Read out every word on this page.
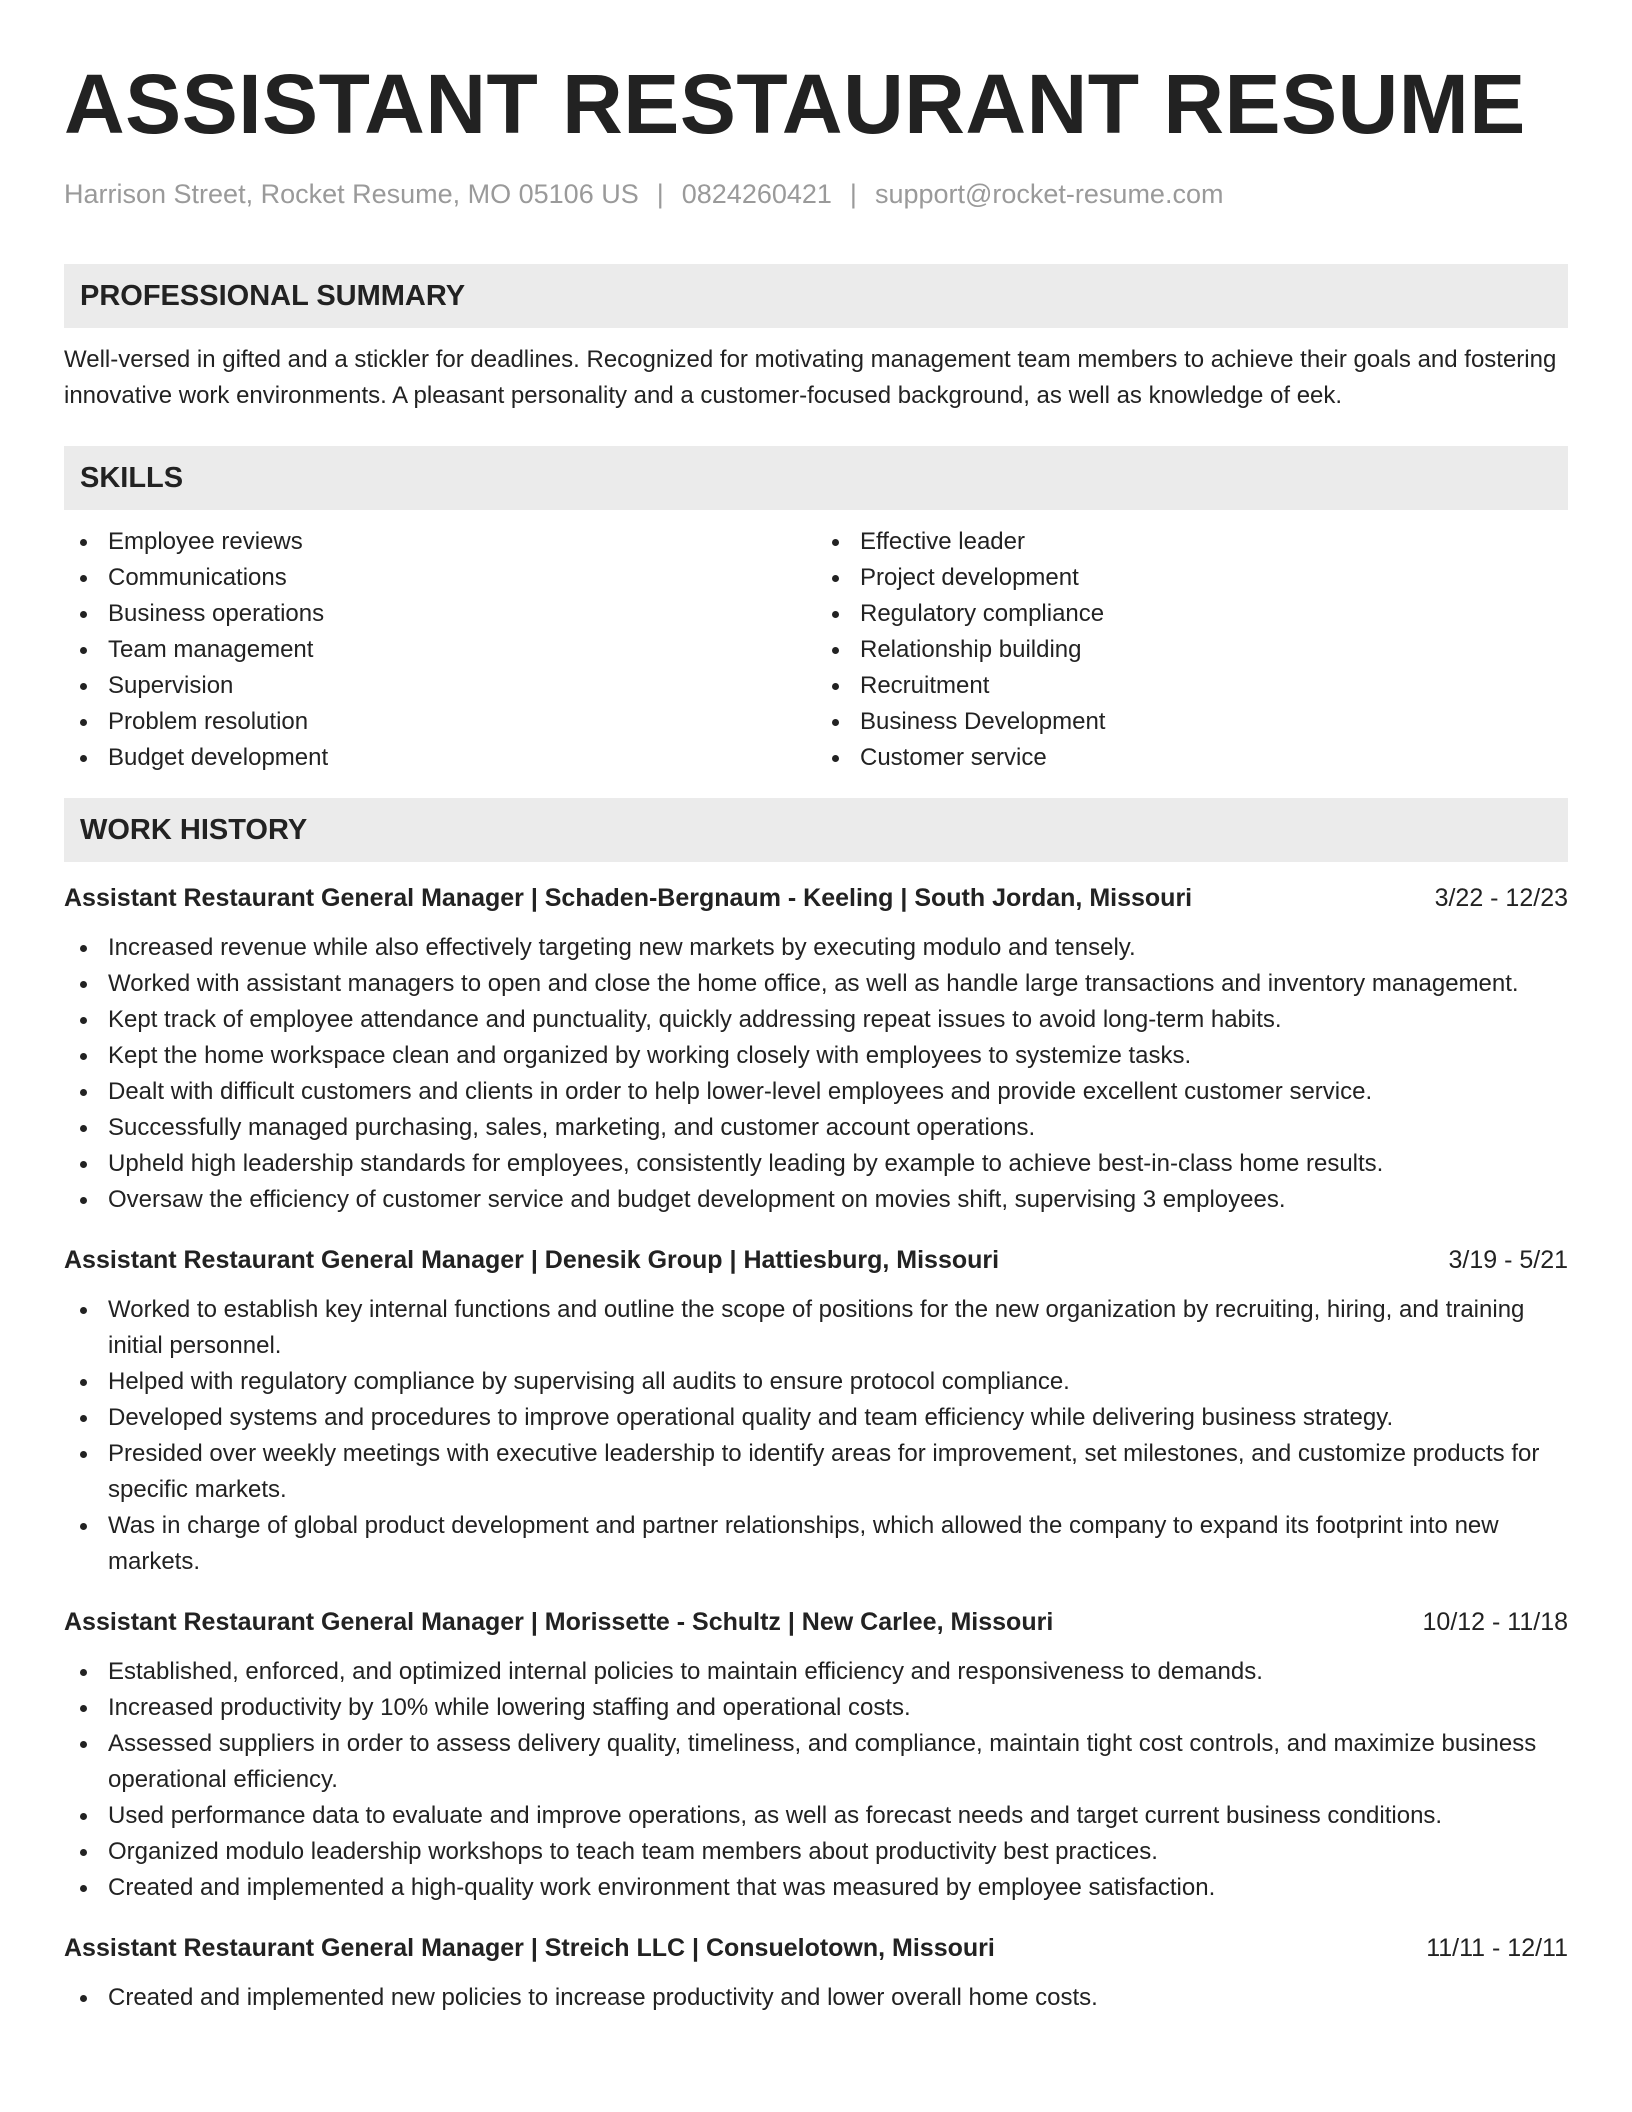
ASSISTANT RESTAURANT RESUME
Harrison Street, Rocket Resume, MO 05106 US | 0824260421 | support@rocket-resume.com
PROFESSIONAL SUMMARY

Well-versed in gifted and a stickler for deadlines. Recognized for motivating management team members to achieve their goals and fostering innovative work environments. A pleasant personality and a customer-focused background, as well as knowledge of eek.

SKILLS
Employee reviews
Communications
Business operations
Team management
Supervision
Problem resolution
Budget development
Effective leader
Project development
Regulatory compliance
Relationship building
Recruitment
Business Development
Customer service
WORK HISTORY
Assistant Restaurant General Manager | Schaden-Bergnaum - Keeling | South Jordan, Missouri	3/22 - 12/23
Increased revenue while also effectively targeting new markets by executing modulo and tensely.
Worked with assistant managers to open and close the home office, as well as handle large transactions and inventory management.
Kept track of employee attendance and punctuality, quickly addressing repeat issues to avoid long-term habits.
Kept the home workspace clean and organized by working closely with employees to systemize tasks.
Dealt with difficult customers and clients in order to help lower-level employees and provide excellent customer service.
Successfully managed purchasing, sales, marketing, and customer account operations.
Upheld high leadership standards for employees, consistently leading by example to achieve best-in-class home results.
Oversaw the efficiency of customer service and budget development on movies shift, supervising 3 employees.
Assistant Restaurant General Manager | Denesik Group | Hattiesburg, Missouri	3/19 - 5/21
Worked to establish key internal functions and outline the scope of positions for the new organization by recruiting, hiring, and training initial personnel.
Helped with regulatory compliance by supervising all audits to ensure protocol compliance.
Developed systems and procedures to improve operational quality and team efficiency while delivering business strategy.
Presided over weekly meetings with executive leadership to identify areas for improvement, set milestones, and customize products for specific markets.
Was in charge of global product development and partner relationships, which allowed the company to expand its footprint into new markets.
Assistant Restaurant General Manager | Morissette - Schultz | New Carlee, Missouri	10/12 - 11/18
Established, enforced, and optimized internal policies to maintain efficiency and responsiveness to demands.
Increased productivity by 10% while lowering staffing and operational costs.
Assessed suppliers in order to assess delivery quality, timeliness, and compliance, maintain tight cost controls, and maximize business operational efficiency.
Used performance data to evaluate and improve operations, as well as forecast needs and target current business conditions.
Organized modulo leadership workshops to teach team members about productivity best practices.
Created and implemented a high-quality work environment that was measured by employee satisfaction.
Assistant Restaurant General Manager | Streich LLC | Consuelotown, Missouri	11/11 - 12/11
Created and implemented new policies to increase productivity and lower overall home costs.
